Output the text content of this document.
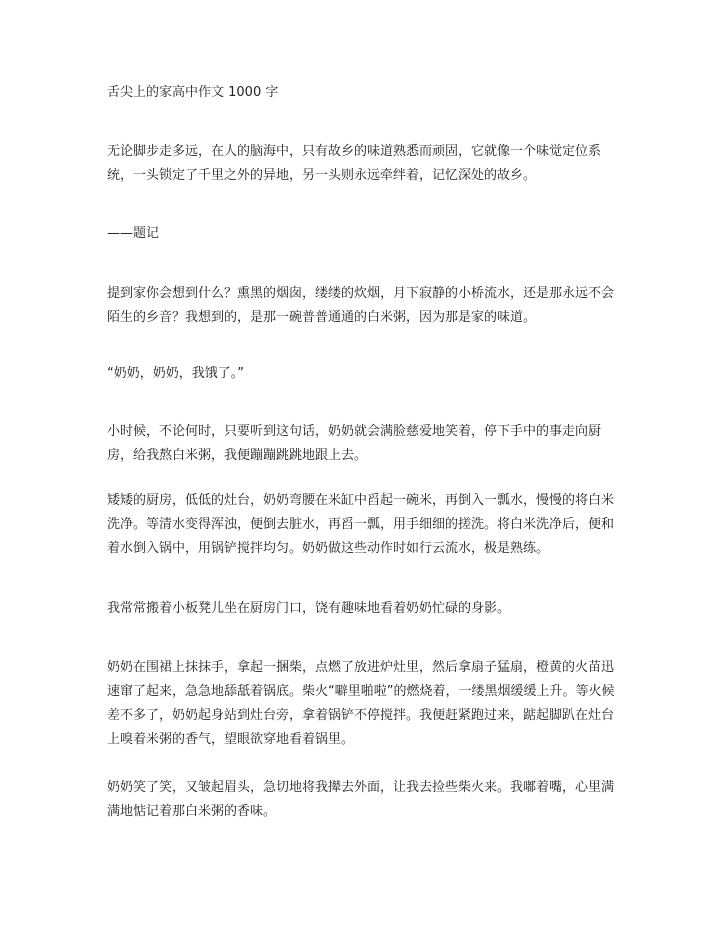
舌尖上的家高中作文 1000 字

无论脚步走多远，在人的脑海中，只有故乡的味道熟悉而顽固，它就像一个味觉定位系统，一头锁定了千里之外的异地，另一头则永远牵绊着，记忆深处的故乡。

——题记

提到家你会想到什么？熏黑的烟囱，缕缕的炊烟，月下寂静的小桥流水，还是那永远不会陌生的乡音？我想到的，是那一碗普普通通的白米粥，因为那是家的味道。

“奶奶，奶奶，我饿了。”

小时候，不论何时，只要听到这句话，奶奶就会满脸慈爱地笑着，停下手中的事走向厨房，给我熬白米粥，我便蹦蹦跳跳地跟上去。

矮矮的厨房，低低的灶台，奶奶弯腰在米缸中舀起一碗米，再倒入一瓢水，慢慢的将白米洗净。等清水变得浑浊，便倒去脏水，再舀一瓢，用手细细的搓洗。将白米洗净后，便和着水倒入锅中，用锅铲搅拌均匀。奶奶做这些动作时如行云流水，极是熟练。

我常常搬着小板凳儿坐在厨房门口，饶有趣味地看着奶奶忙碌的身影。

奶奶在围裙上抹抹手，拿起一捆柴，点燃了放进炉灶里，然后拿扇子猛扇，橙黄的火苗迅速窜了起来，急急地舔舐着锅底。柴火“噼里啪啦”的燃烧着，一缕黑烟缓缓上升。等火候差不多了，奶奶起身站到灶台旁，拿着锅铲不停搅拌。我便赶紧跑过来，踮起脚趴在灶台上嗅着米粥的香气，望眼欲穿地看着锅里。

奶奶笑了笑，又皱起眉头，急切地将我撵去外面，让我去捡些柴火来。我嘟着嘴，心里满满地惦记着那白米粥的香味。
